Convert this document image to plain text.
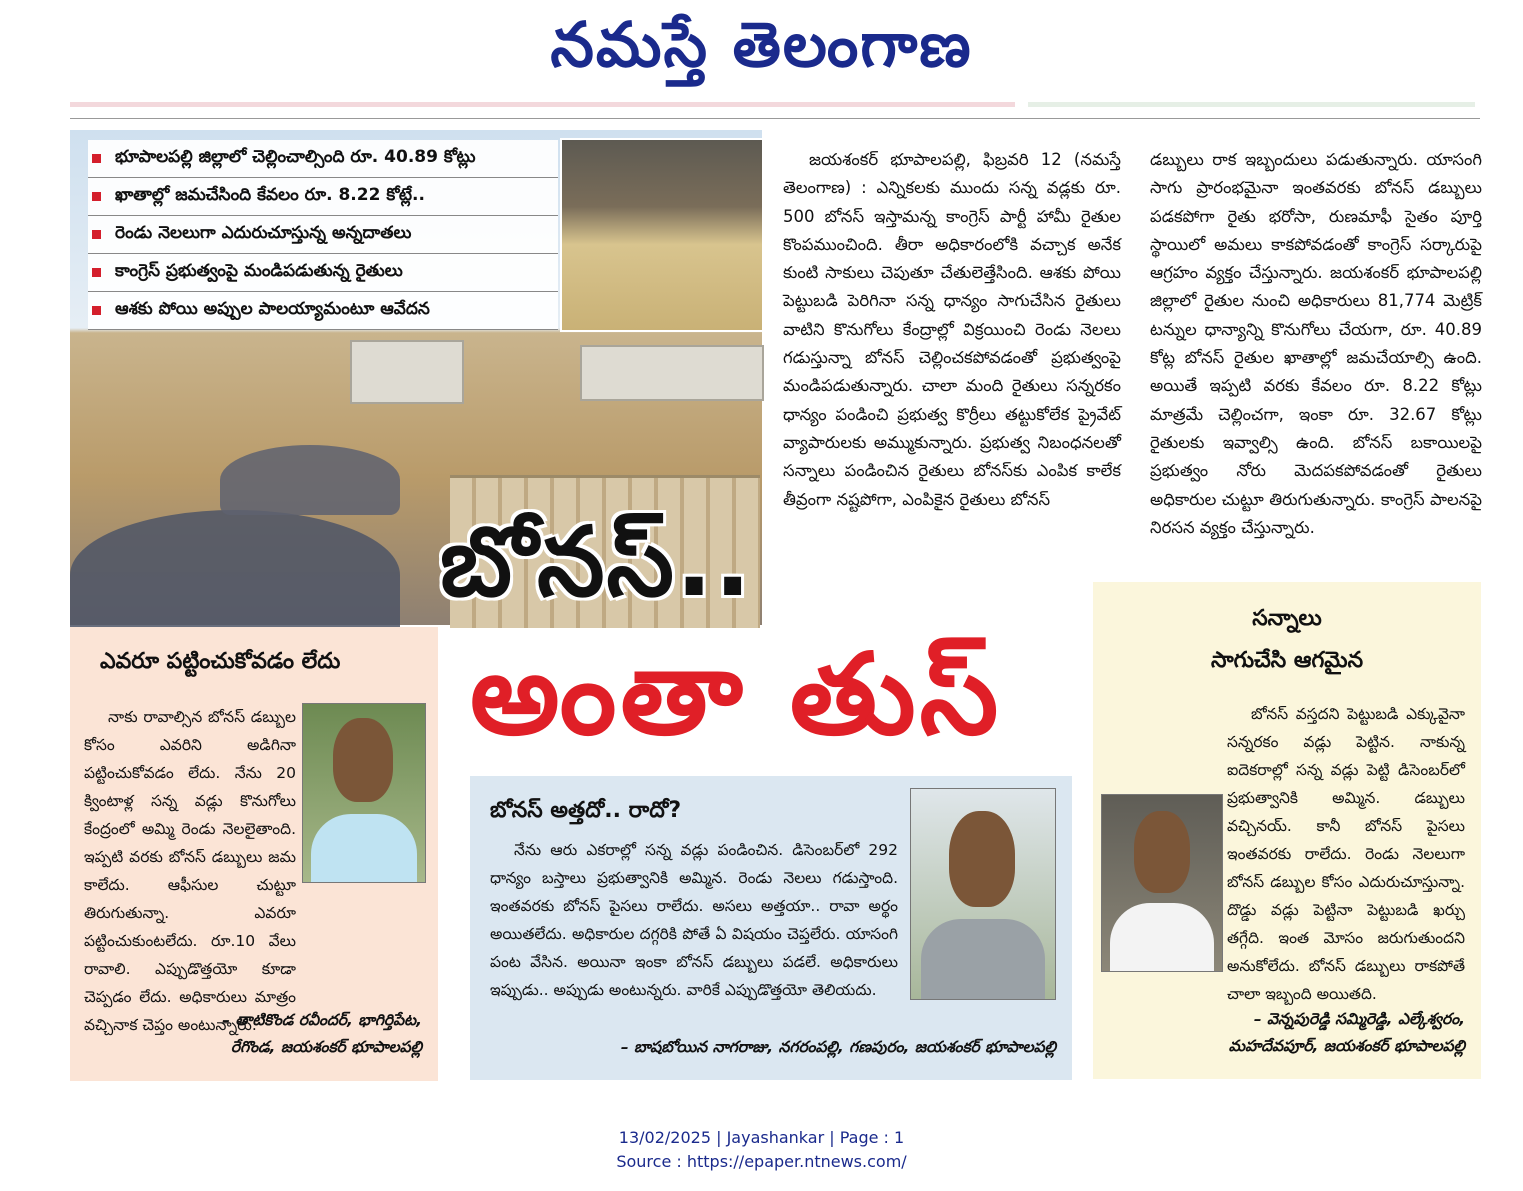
నమస్తే తెలంగాణ
భూపాలపల్లి జిల్లాలో చెల్లించాల్సింది రూ. 40.89 కోట్లు
ఖాతాల్లో జమచేసింది కేవలం రూ. 8.22 కోట్లే..
రెండు నెలలుగా ఎదురుచూస్తున్న అన్నదాతలు
కాంగ్రెస్ ప్రభుత్వంపై మండిపడుతున్న రైతులు
ఆశకు పోయి అప్పుల పాలయ్యామంటూ ఆవేదన
జయశంకర్ భూపాలపల్లి, ఫిబ్రవరి 12 (నమస్తే తెలంగాణ) : ఎన్నికలకు ముందు సన్న వడ్లకు రూ. 500 బోనస్ ఇస్తామన్న కాంగ్రెస్ పార్టీ హామీ రైతుల కొంపముంచింది. తీరా అధికారంలోకి వచ్చాక అనేక కుంటి సాకులు చెపుతూ చేతులెత్తేసింది. ఆశకు పోయి పెట్టుబడి పెరిగినా సన్న ధాన్యం సాగుచేసిన రైతులు వాటిని కొనుగోలు కేంద్రాల్లో విక్రయించి రెండు నెలలు గడుస్తున్నా బోనస్ చెల్లించకపోవడంతో ప్రభుత్వంపై మండిపడుతున్నారు. చాలా మంది రైతులు సన్నరకం ధాన్యం పండించి ప్రభుత్వ కొర్రీలు తట్టుకోలేక ప్రైవేట్ వ్యాపారులకు అమ్ముకున్నారు. ప్రభుత్వ నిబంధనలతో సన్నాలు పండించిన రైతులు బోనస్‌కు ఎంపిక కాలేక తీవ్రంగా నష్టపోగా, ఎంపికైన రైతులు బోనస్
డబ్బులు రాక ఇబ్బందులు పడుతున్నారు. యాసంగి సాగు ప్రారంభమైనా ఇంతవరకు బోనస్ డబ్బులు పడకపోగా రైతు భరోసా, రుణమాఫీ సైతం పూర్తి స్థాయిలో అమలు కాకపోవడంతో కాంగ్రెస్ సర్కారుపై ఆగ్రహం వ్యక్తం చేస్తున్నారు. జయశంకర్ భూపాలపల్లి జిల్లాలో రైతుల నుంచి అధికారులు 81,774 మెట్రిక్ టన్నుల ధాన్యాన్ని కొనుగోలు చేయగా, రూ. 40.89 కోట్ల బోనస్ రైతుల ఖాతాల్లో జమచేయాల్సి ఉంది. అయితే ఇప్పటి వరకు కేవలం రూ. 8.22 కోట్లు మాత్రమే చెల్లించగా, ఇంకా రూ. 32.67 కోట్లు రైతులకు ఇవ్వాల్సి ఉంది. బోనస్ బకాయిలపై ప్రభుత్వం నోరు మెదపకపోవడంతో రైతులు అధికారుల చుట్టూ తిరుగుతున్నారు. కాంగ్రెస్ పాలనపై నిరసన వ్యక్తం చేస్తున్నారు.
ఎవరూ పట్టించుకోవడం లేదు
నాకు రావాల్సిన బోనస్ డబ్బుల కోసం ఎవరిని అడిగినా పట్టించుకోవడం లేదు. నేను 20 క్వింటాళ్ల సన్న వడ్లు కొనుగోలు కేంద్రంలో అమ్మి రెండు నెలలైతాంది. ఇప్పటి వరకు బోనస్ డబ్బులు జమ కాలేదు. ఆఫీసుల చుట్టూ తిరుగుతున్నా. ఎవరూ పట్టించుకుంటలేదు. రూ.10 వేలు రావాలి. ఎప్పుడొత్తయో కూడా చెప్పడం లేదు. అధికారులు మాత్రం వచ్చినాక చెప్తం అంటున్నారు.
– తాటికొండ రవీందర్, భాగిర్తిపేట,
రేగొండ, జయశంకర్ భూపాలపల్లి
బోనస్..
అంతా తుస్
బోనస్ అత్తదో.. రాదో?
నేను ఆరు ఎకరాల్లో సన్న వడ్లు పండించిన. డిసెంబర్‌లో 292 ధాన్యం బస్తాలు ప్రభుత్వానికి అమ్మిన. రెండు నెలలు గడుస్తాంది. ఇంతవరకు బోనస్ పైసలు రాలేదు. అసలు అత్తయా.. రావా అర్థం అయితలేదు. అధికారుల దగ్గరికి పోతే ఏ విషయం చెప్తలేరు. యాసంగి పంట వేసిన. అయినా ఇంకా బోనస్ డబ్బులు పడలే. అధికారులు ఇప్పుడు.. అప్పుడు అంటున్నరు. వారికే ఎప్పుడొత్తయో తెలియదు.
– బాషబోయిన నాగరాజు, నగరంపల్లి, గణపురం, జయశంకర్ భూపాలపల్లి
సన్నాలు
సాగుచేసి ఆగమైన
బోనస్ వస్తదని పెట్టుబడి ఎక్కువైనా సన్నరకం వడ్లు పెట్టిన. నాకున్న ఐదెకరాల్లో సన్న వడ్లు పెట్టి డిసెంబర్‌లో ప్రభుత్వానికి అమ్మిన. డబ్బులు వచ్చినయ్. కానీ బోనస్ పైసలు ఇంతవరకు రాలేదు. రెండు నెలలుగా బోనస్ డబ్బుల కోసం ఎదురుచూస్తున్నా. దొడ్డు వడ్లు పెట్టినా పెట్టుబడి ఖర్చు తగ్గేది. ఇంత మోసం జరుగుతుందని అనుకోలేదు. బోనస్ డబ్బులు రాకపోతే చాలా ఇబ్బంది అయితది.
– వెన్నపురెడ్డి సమ్మిరెడ్డి, ఎల్కేశ్వరం,
మహదేవపూర్, జయశంకర్ భూపాలపల్లి
13/02/2025 | Jayashankar | Page : 1
Source : https://epaper.ntnews.com/
